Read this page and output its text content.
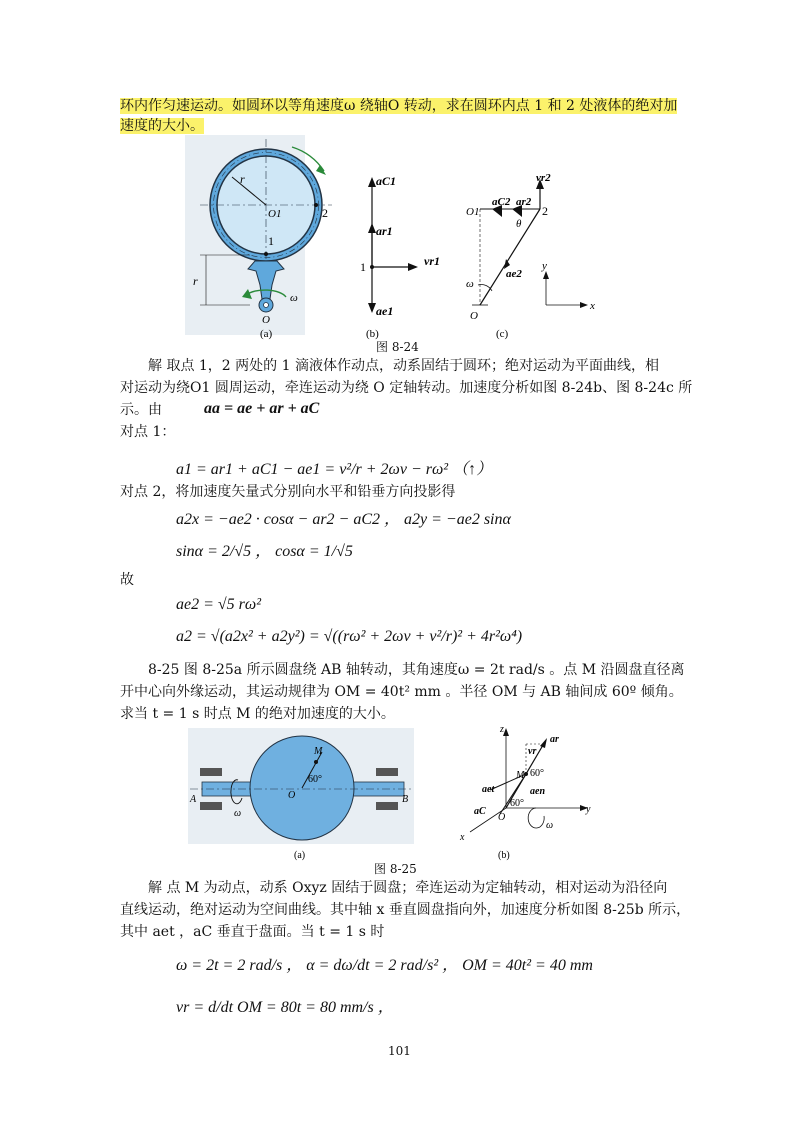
环内作匀速运动。如圆环以等角速度ω 绕轴O 转动，求在圆环内点 1 和 2 处液体的绝对加
速度的大小。
r
O1	2
1
r
ω
O
aC1
ar1
ae1
vr1
1
O1	2
aC2 ar2
vr2
θ
ae2
ω
O
y
x
(a)	(b)	(c)
图 8-24
解 取点 1，2 两处的 1 滴液体作动点，动系固结于圆环；绝对运动为平面曲线，相
对运动为绕O1 圆周运动，牵连运动为绕 O 定轴转动。加速度分析如图 8-24b、图 8-24c 所
示。由	aa = ae + ar + aC
对点 1：
a1 = ar1 + aC1 − ae1 = v²/r + 2ωv − rω² （↑）
对点 2，将加速度矢量式分别向水平和铅垂方向投影得
a2x = −ae2 · cosα − ar2 − aC2 ， a2y = −ae2 sinα
sinα = 2/√5 ， cosα = 1/√5
故
ae2 = √5 rω²
a2 = √(a2x² + a2y²) = √((rω² + 2ωv + v²/r)² + 4r²ω⁴)
8-25 图 8-25a 所示圆盘绕 AB 轴转动，其角速度ω = 2t rad/s 。点 M 沿圆盘直径离
开中心向外缘运动，其运动规律为 OM = 40t² mm 。半径 OM 与 AB 轴间成 60º 倾角。
求当 t = 1 s 时点 M 的绝对加速度的大小。
M
60°
O
A	B
ω
z
y
x
ar
vr
M 60°
aen
aet
aC
60°
O
ω
(a)	(b)
图 8-25
解 点 M 为动点，动系 Oxyz 固结于圆盘；牵连运动为定轴转动，相对运动为沿径向
直线运动，绝对运动为空间曲线。其中轴 x 垂直圆盘指向外，加速度分析如图 8-25b 所示，
其中 aet ，aC 垂直于盘面。当 t = 1 s 时
ω = 2t = 2 rad/s ， α = dω/dt = 2 rad/s² ， OM = 40t² = 40 mm
vr = d/dt OM = 80t = 80 mm/s ，
101
